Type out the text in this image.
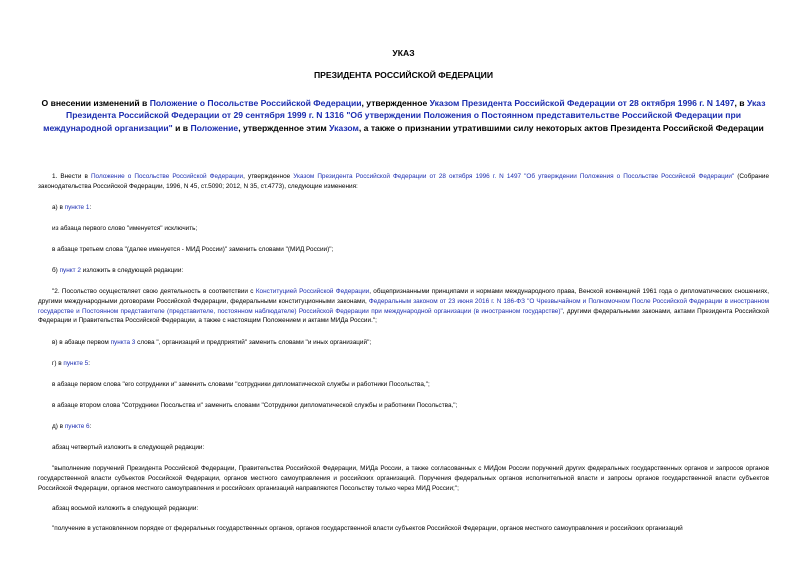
УКАЗ
ПРЕЗИДЕНТА РОССИЙСКОЙ ФЕДЕРАЦИИ
О внесении изменений в Положение о Посольстве Российской Федерации, утвержденное Указом Президента Российской Федерации от 28 октября 1996 г. N 1497, в Указ Президента Российской Федерации от 29 сентября 1999 г. N 1316 "Об утверждении Положения о Постоянном представительстве Российской Федерации при международной организации" и в Положение, утвержденное этим Указом, а также о признании утратившими силу некоторых актов Президента Российской Федерации
1. Внести в Положение о Посольстве Российской Федерации, утвержденное Указом Президента Российской Федерации от 28 октября 1996 г. N 1497 "Об утверждении Положения о Посольстве Российской Федерации" (Собрание законодательства Российской Федерации, 1996, N 45, ст.5090; 2012, N 35, ст.4773), следующие изменения:
а) в пункте 1:
из абзаца первого слово "именуется" исключить;
в абзаце третьем слова "(далее именуется - МИД России)" заменить словами "(МИД России)";
б) пункт 2 изложить в следующей редакции:
"2. Посольство осуществляет свою деятельность в соответствии с Конституцией Российской Федерации, общепризнанными принципами и нормами международного права, Венской конвенцией 1961 года о дипломатических сношениях, другими международными договорами Российской Федерации, федеральными конституционными законами, Федеральным законом от 23 июня 2016 г. N 186-ФЗ "О Чрезвычайном и Полномочном После Российской Федерации в иностранном государстве и Постоянном представителе (представителе, постоянном наблюдателе) Российской Федерации при международной организации (в иностранном государстве)", другими федеральными законами, актами Президента Российской Федерации и Правительства Российской Федерации, а также с настоящим Положением и актами МИДа России.";
в) в абзаце первом пункта 3 слова ", организаций и предприятий" заменить словами "и иных организаций";
г) в пункте 5:
в абзаце первом слова "его сотрудники и" заменить словами "сотрудники дипломатической службы и работники Посольства,";
в абзаце втором слова "Сотрудники Посольства и" заменить словами "Сотрудники дипломатической службы и работники Посольства,";
д) в пункте 6:
абзац четвертый изложить в следующей редакции:
"выполнение поручений Президента Российской Федерации, Правительства Российской Федерации, МИДа России, а также согласованных с МИДом России поручений других федеральных государственных органов и запросов органов государственной власти субъектов Российской Федерации, органов местного самоуправления и российских организаций. Поручения федеральных органов исполнительной власти и запросы органов государственной власти субъектов Российской Федерации, органов местного самоуправления и российских организаций направляются Посольству только через МИД России;";
абзац восьмой изложить в следующей редакции:
"получение в установленном порядке от федеральных государственных органов, органов государственной власти субъектов Российской Федерации, органов местного самоуправления и российских организаций
